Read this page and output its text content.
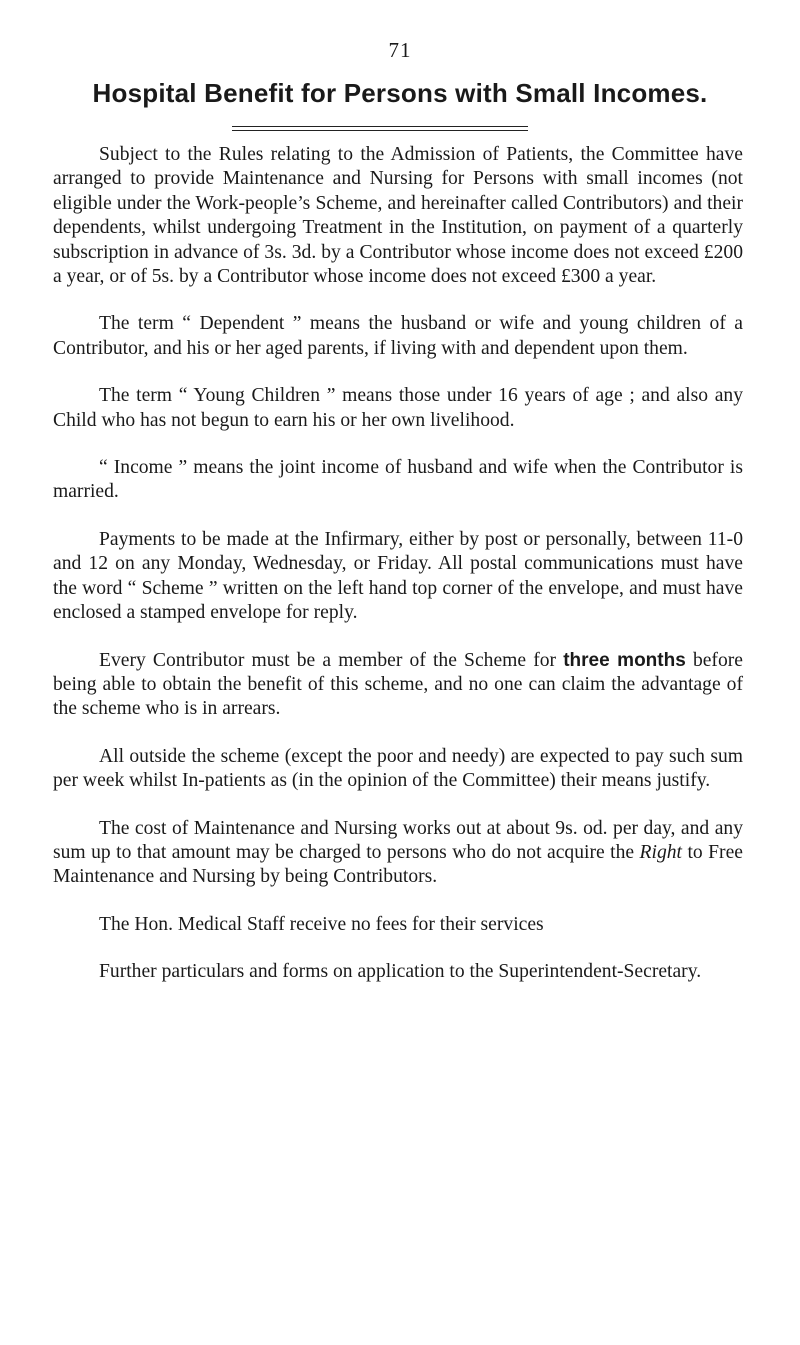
71
Hospital Benefit for Persons with Small Incomes.

Subject to the Rules relating to the Admission of Patients, the Committee have arranged to provide Maintenance and Nursing for Persons with small incomes (not eligible under the Work-people’s Scheme, and hereinafter called Contributors) and their dependents, whilst undergoing Treatment in the Institution, on payment of a quarterly subscription in advance of 3s. 3d. by a Contributor whose income does not exceed £200 a year, or of 5s. by a Contributor whose income does not exceed £300 a year.

The term “ Dependent ” means the husband or wife and young children of a Contributor, and his or her aged parents, if living with and dependent upon them.

The term “ Young Children ” means those under 16 years of age ; and also any Child who has not begun to earn his or her own livelihood.

“ Income ” means the joint income of husband and wife when the Contributor is married.

Payments to be made at the Infirmary, either by post or personally, between 11-0 and 12 on any Monday, Wednesday, or Friday. All postal communications must have the word “ Scheme ” written on the left hand top corner of the envelope, and must have enclosed a stamped envelope for reply.

Every Contributor must be a member of the Scheme for three months before being able to obtain the benefit of this scheme, and no one can claim the advantage of the scheme who is in arrears.

All outside the scheme (except the poor and needy) are expected to pay such sum per week whilst In-patients as (in the opinion of the Committee) their means justify.

The cost of Maintenance and Nursing works out at about 9s. od. per day, and any sum up to that amount may be charged to persons who do not acquire the Right to Free Maintenance and Nursing by being Contributors.

The Hon. Medical Staff receive no fees for their services

Further particulars and forms on application to the Superintendent-Secretary.
